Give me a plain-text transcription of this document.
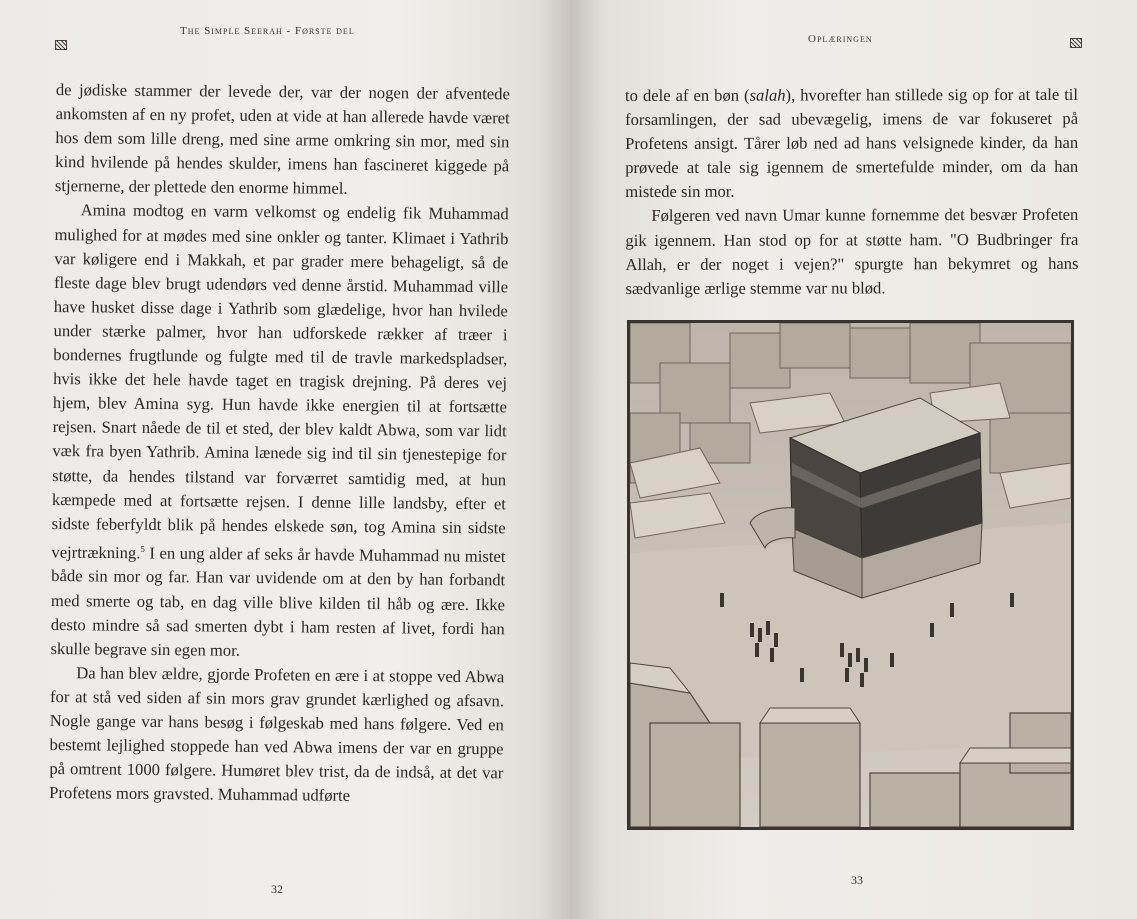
The Simple Seerah - Første del

de jødiske stammer der levede der, var der nogen der afventede ankomsten af en ny profet, uden at vide at han allerede havde været hos dem som lille dreng, med sine arme omkring sin mor, med sin kind hvilende på hendes skulder, imens han fascineret kiggede på stjernerne, der plettede den enorme himmel.

Amina modtog en varm velkomst og endelig fik Muhammad mulighed for at mødes med sine onkler og tanter. Klimaet i Yathrib var køligere end i Makkah, et par grader mere behageligt, så de fleste dage blev brugt udendørs ved denne årstid. Muhammad ville have husket disse dage i Yathrib som glædelige, hvor han hvilede under stærke palmer, hvor han udforskede rækker af træer i bondernes frugtlunde og fulgte med til de travle markedspladser, hvis ikke det hele havde taget en tragisk drejning. På deres vej hjem, blev Amina syg. Hun havde ikke energien til at fortsætte rejsen. Snart nåede de til et sted, der blev kaldt Abwa, som var lidt væk fra byen Yathrib. Amina lænede sig ind til sin tjenestepige for støtte, da hendes tilstand var forværret samtidig med, at hun kæmpede med at fortsætte rejsen. I denne lille landsby, efter et sidste feberfyldt blik på hendes elskede søn, tog Amina sin sidste vejrtrækning.$^5$ I en ung alder af seks år havde Muhammad nu mistet både sin mor og far. Han var uvidende om at den by han forbandt med smerte og tab, en dag ville blive kilden til håb og ære. Ikke desto mindre så sad smerten dybt i ham resten af livet, fordi han skulle begrave sin egen mor.

Da han blev ældre, gjorde Profeten en ære i at stoppe ved Abwa for at stå ved siden af sin mors grav grundet kærlighed og afsavn. Nogle gange var hans besøg i følgeskab med hans følgere. Ved en bestemt lejlighed stoppede han ved Abwa imens der var en gruppe på omtrent 1000 følgere. Humøret blev trist, da de indså, at det var Profetens mors gravsted. Muhammad udførte

32
Oplæringen

to dele af en bøn (salah), hvorefter han stillede sig op for at tale til forsamlingen, der sad ubevægelig, imens de var fokuseret på Profetens ansigt. Tårer løb ned ad hans velsignede kinder, da han prøvede at tale sig igennem de smertefulde minder, om da han mistede sin mor.

Følgeren ved navn Umar kunne fornemme det besvær Profeten gik igennem. Han stod op for at støtte ham. "O Budbringer fra Allah, er der noget i vejen?" spurgte han bekymret og hans sædvanlige ærlige stemme var nu blød.

33
